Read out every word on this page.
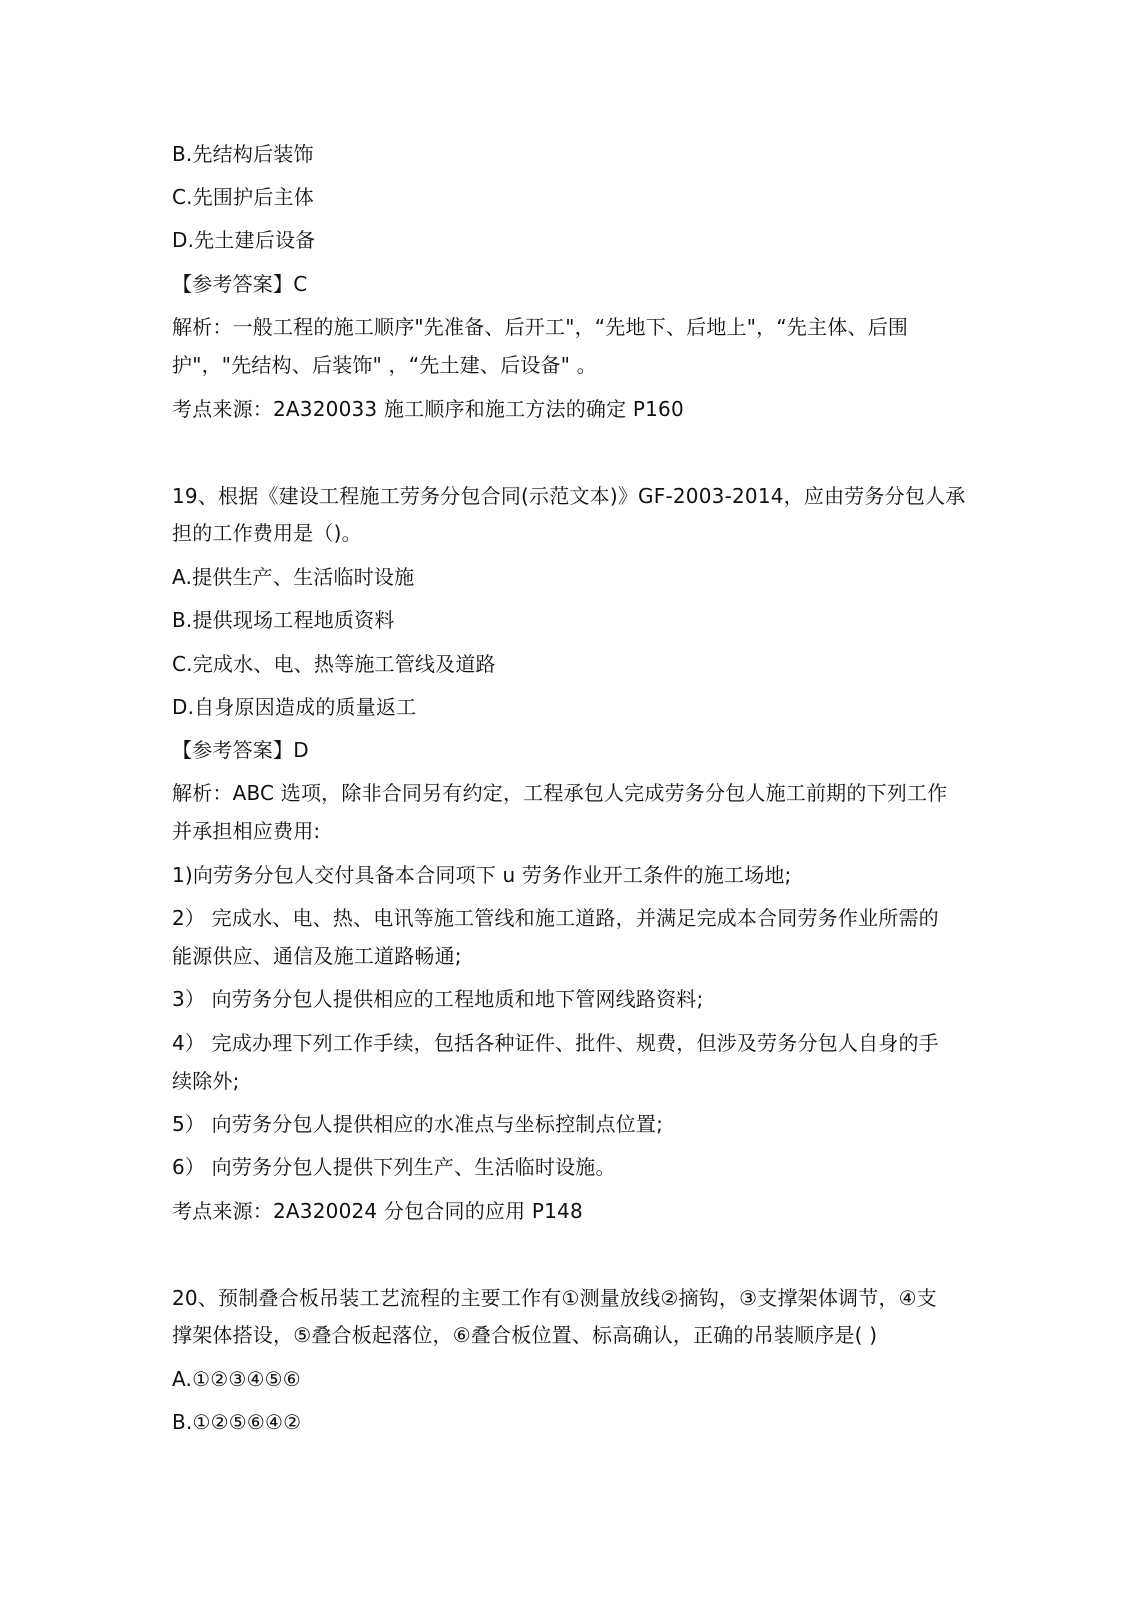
B.先结构后装饰
C.先围护后主体
D.先土建后设备
【参考答案】C
解析：一般工程的施工顺序"先准备、后开工"，“先地下、后地上"，“先主体、后围
护"，"先结构、后装饰" ，“先土建、后设备" 。
考点来源：2A320033 施工顺序和施工方法的确定 P160
19、根据《建设工程施工劳务分包合同(示范文本)》GF-2003-2014，应由劳务分包人承
担的工作费用是（)。
A.提供生产、生活临时设施
B.提供现场工程地质资料
C.完成水、电、热等施工管线及道路
D.自身原因造成的质量返工
【参考答案】D
解析：ABC 选项，除非合同另有约定，工程承包人完成劳务分包人施工前期的下列工作
并承担相应费用:
1)向劳务分包人交付具备本合同项下 u 劳务作业开工条件的施工场地;
2） 完成水、电、热、电讯等施工管线和施工道路，并满足完成本合同劳务作业所需的
能源供应、通信及施工道路畅通;
3） 向劳务分包人提供相应的工程地质和地下管网线路资料;
4） 完成办理下列工作手续，包括各种证件、批件、规费，但涉及劳务分包人自身的手
续除外;
5） 向劳务分包人提供相应的水准点与坐标控制点位置;
6） 向劳务分包人提供下列生产、生活临时设施。
考点来源：2A320024 分包合同的应用 P148
20、预制叠合板吊装工艺流程的主要工作有①测量放线②摘钩，③支撑架体调节，④支
撑架体搭设，⑤叠合板起落位，⑥叠合板位置、标高确认，正确的吊装顺序是( )
A.①②③④⑤⑥
B.①②⑤⑥④②
